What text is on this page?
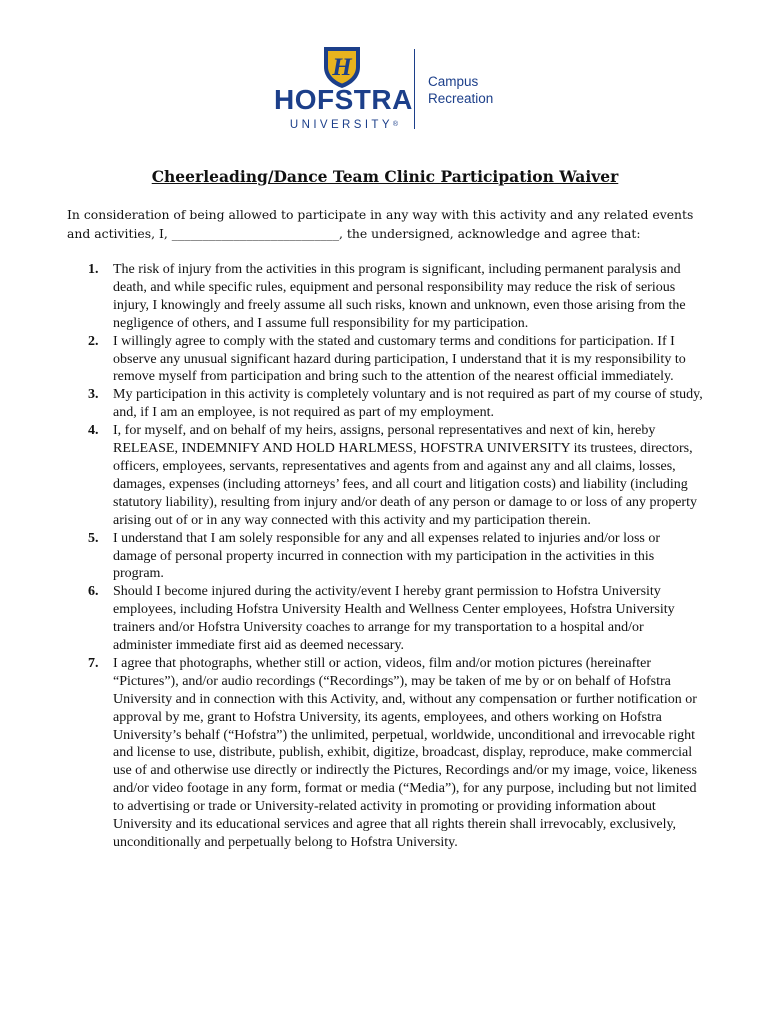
H
HOFSTRA
UNIVERSITY®
Campus
Recreation
Cheerleading/Dance Team Clinic Participation Waiver

In consideration of being allowed to participate in any way with this activity and any related events and activities, I, ___________________________, the undersigned, acknowledge and agree that:

1. The risk of injury from the activities in this program is significant, including permanent paralysis and death, and while specific rules, equipment and personal responsibility may reduce the risk of serious injury, I knowingly and freely assume all such risks, known and unknown, even those arising from the negligence of others, and I assume full responsibility for my participation.
2. I willingly agree to comply with the stated and customary terms and conditions for participation. If I observe any unusual significant hazard during participation, I understand that it is my responsibility to remove myself from participation and bring such to the attention of the nearest official immediately.
3. My participation in this activity is completely voluntary and is not required as part of my course of study, and, if I am an employee, is not required as part of my employment.
4. I, for myself, and on behalf of my heirs, assigns, personal representatives and next of kin, hereby RELEASE, INDEMNIFY AND HOLD HARLMESS, HOFSTRA UNIVERSITY its trustees, directors, officers, employees, servants, representatives and agents from and against any and all claims, losses, damages, expenses (including attorneys’ fees, and all court and litigation costs) and liability (including statutory liability), resulting from injury and/or death of any person or damage to or loss of any property arising out of or in any way connected with this activity and my participation therein.
5. I understand that I am solely responsible for any and all expenses related to injuries and/or loss or damage of personal property incurred in connection with my participation in the activities in this program.
6. Should I become injured during the activity/event I hereby grant permission to Hofstra University employees, including Hofstra University Health and Wellness Center employees, Hofstra University trainers and/or Hofstra University coaches to arrange for my transportation to a hospital and/or administer immediate first aid as deemed necessary.
7. I agree that photographs, whether still or action, videos, film and/or motion pictures (hereinafter “Pictures”), and/or audio recordings (“Recordings”), may be taken of me by or on behalf of Hofstra University and in connection with this Activity, and, without any compensation or further notification or approval by me, grant to Hofstra University, its agents, employees, and others working on Hofstra University’s behalf (“Hofstra”) the unlimited, perpetual, worldwide, unconditional and irrevocable right and license to use, distribute, publish, exhibit, digitize, broadcast, display, reproduce, make commercial use of and otherwise use directly or indirectly the Pictures, Recordings and/or my image, voice, likeness and/or video footage in any form, format or media (“Media”), for any purpose, including but not limited to advertising or trade or University-related activity in promoting or providing information about University and its educational services and agree that all rights therein shall irrevocably, exclusively, unconditionally and perpetually belong to Hofstra University.
